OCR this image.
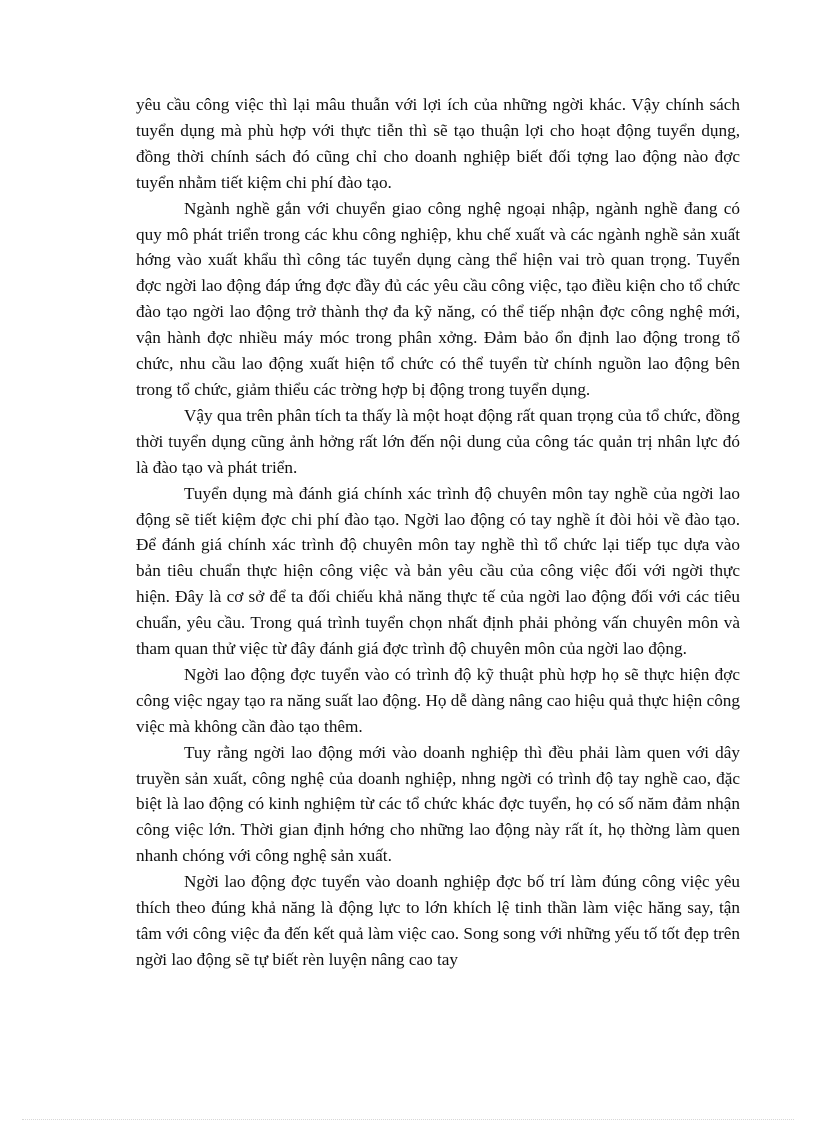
yêu cầu công việc thì lại mâu thuẫn với lợi ích của những ngời khác. Vậy chính sách tuyển dụng mà phù hợp với thực tiễn thì sẽ tạo thuận lợi cho hoạt động tuyển dụng, đồng thời chính sách đó cũng chỉ cho doanh nghiệp biết đối tợng lao động nào đợc tuyển nhằm tiết kiệm chi phí đào tạo.

Ngành nghề gắn với chuyển giao công nghệ ngoại nhập, ngành nghề đang có quy mô phát triển trong các khu công nghiệp, khu chế xuất và các ngành nghề sản xuất hớng vào xuất khẩu thì công tác tuyển dụng càng thể hiện vai trò quan trọng. Tuyển đợc ngời lao động đáp ứng đợc đầy đủ các yêu cầu công việc, tạo điều kiện cho tổ chức đào tạo ngời lao động trở thành thợ đa kỹ năng, có thể tiếp nhận đợc công nghệ mới, vận hành đợc nhiều máy móc trong phân xởng. Đảm bảo ổn định lao động trong tổ chức, nhu cầu lao động xuất hiện tổ chức có thể tuyển từ chính nguồn lao động bên trong tổ chức, giảm thiểu các trờng hợp bị động trong tuyển dụng.

Vậy qua trên phân tích ta thấy là một hoạt động rất quan trọng của tổ chức, đồng thời tuyển dụng cũng ảnh hởng rất lớn đến nội dung của công tác quản trị nhân lực đó là đào tạo và phát triển.

Tuyển dụng mà đánh giá chính xác trình độ chuyên môn tay nghề của ngời lao động sẽ tiết kiệm đợc chi phí đào tạo. Ngời lao động có tay nghề ít đòi hỏi về đào tạo. Để đánh giá chính xác trình độ chuyên môn tay nghề thì tổ chức lại tiếp tục dựa vào bản tiêu chuẩn thực hiện công việc và bản yêu cầu của công việc đối với ngời thực hiện. Đây là cơ sở để ta đối chiếu khả năng thực tế của ngời lao động đối với các tiêu chuẩn, yêu cầu. Trong quá trình tuyển chọn nhất định phải phỏng vấn chuyên môn và tham quan thử việc từ đây đánh giá đợc trình độ chuyên môn của ngời lao động.

Ngời lao động đợc tuyển vào có trình độ kỹ thuật phù hợp họ sẽ thực hiện đợc công việc ngay tạo ra năng suất lao động. Họ dễ dàng nâng cao hiệu quả thực hiện công việc mà không cần đào tạo thêm.

Tuy rằng ngời lao động mới vào doanh nghiệp thì đều phải làm quen với dây truyền sản xuất, công nghệ của doanh nghiệp, nhng ngời có trình độ tay nghề cao, đặc biệt là lao động có kinh nghiệm từ các tổ chức khác đợc tuyển, họ có số năm đảm nhận công việc lớn. Thời gian định hớng cho những lao động này rất ít, họ thờng làm quen nhanh chóng với công nghệ sản xuất.

Ngời lao động đợc tuyển vào doanh nghiệp đợc bố trí làm đúng công việc yêu thích theo đúng khả năng là động lực to lớn khích lệ tinh thần làm việc hăng say, tận tâm với công việc đa đến kết quả làm việc cao. Song song với những yếu tố tốt đẹp trên ngời lao động sẽ tự biết rèn luyện nâng cao tay
